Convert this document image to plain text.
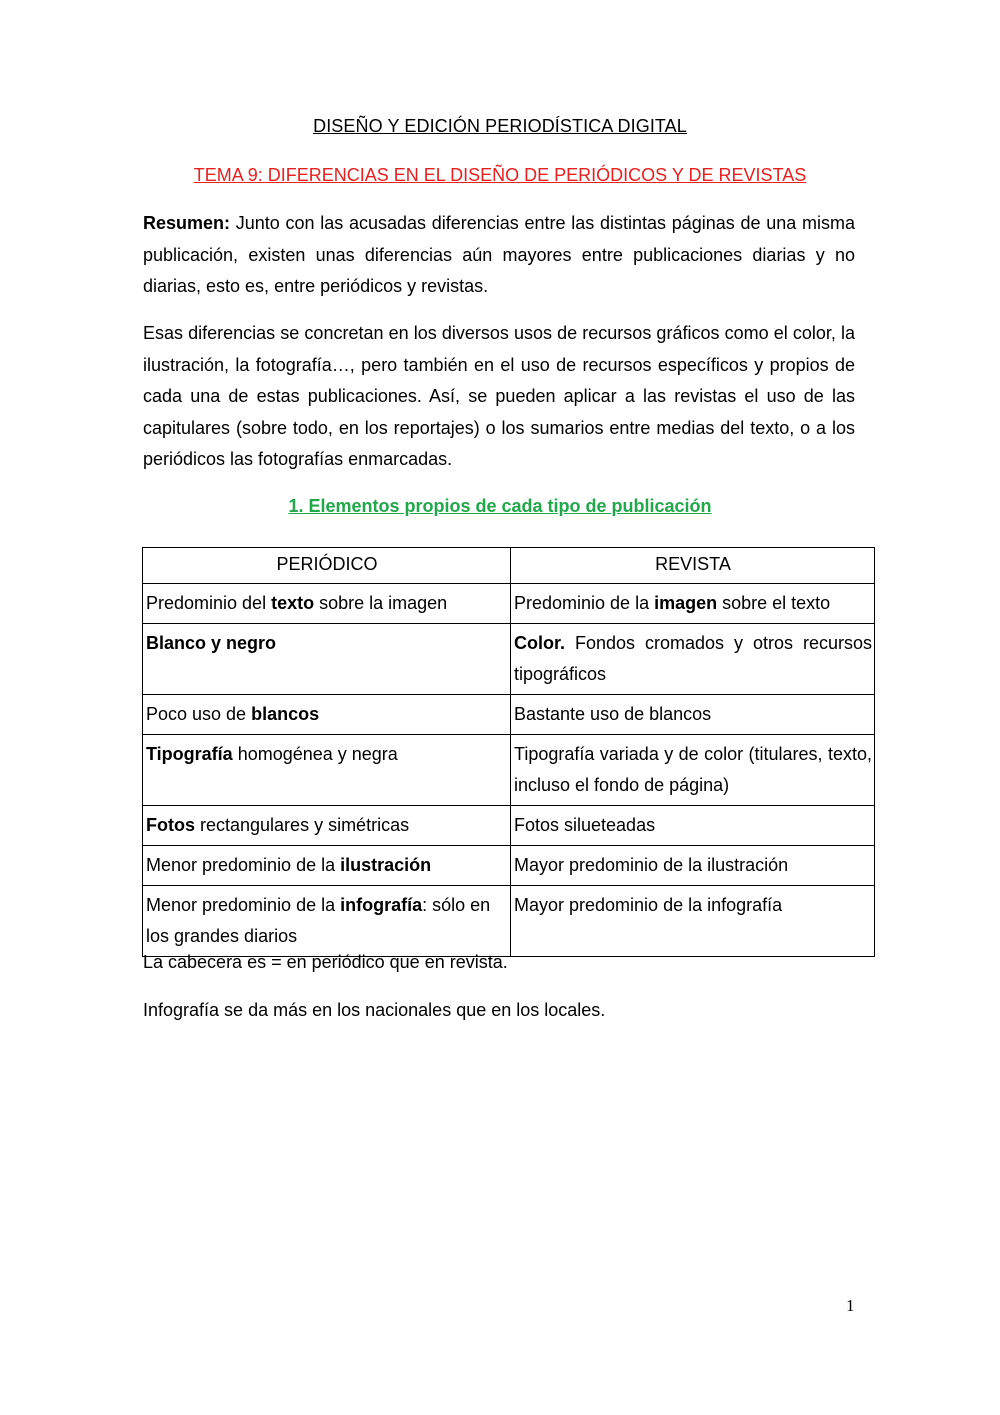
DISEÑO Y EDICIÓN PERIODÍSTICA DIGITAL
TEMA 9: DIFERENCIAS EN EL DISEÑO DE PERIÓDICOS Y DE REVISTAS
Resumen: Junto con las acusadas diferencias entre las distintas páginas de una misma publicación, existen unas diferencias aún mayores entre publicaciones diarias y no diarias, esto es, entre periódicos y revistas.
Esas diferencias se concretan en los diversos usos de recursos gráficos como el color, la ilustración, la fotografía…, pero también en el uso de recursos específicos y propios de cada una de estas publicaciones. Así, se pueden aplicar a las revistas el uso de las capitulares (sobre todo, en los reportajes) o los sumarios entre medias del texto, o a los periódicos las fotografías enmarcadas.
1. Elementos propios de cada tipo de publicación
PERIÓDICO	REVISTA
Predominio del texto sobre la imagen	Predominio de la imagen sobre el texto
Blanco y negro	Color. Fondos cromados y otros recursos tipográficos
Poco uso de blancos	Bastante uso de blancos
Tipografía homogénea y negra	Tipografía variada y de color (titulares, texto, incluso el fondo de página)
Fotos rectangulares y simétricas	Fotos silueteadas
Menor predominio de la ilustración	Mayor predominio de la ilustración
Menor predominio de la infografía: sólo en los grandes diarios	Mayor predominio de la infografía
La cabecera es = en periódico que en revista.
Infografía se da más en los nacionales que en los locales.
1
